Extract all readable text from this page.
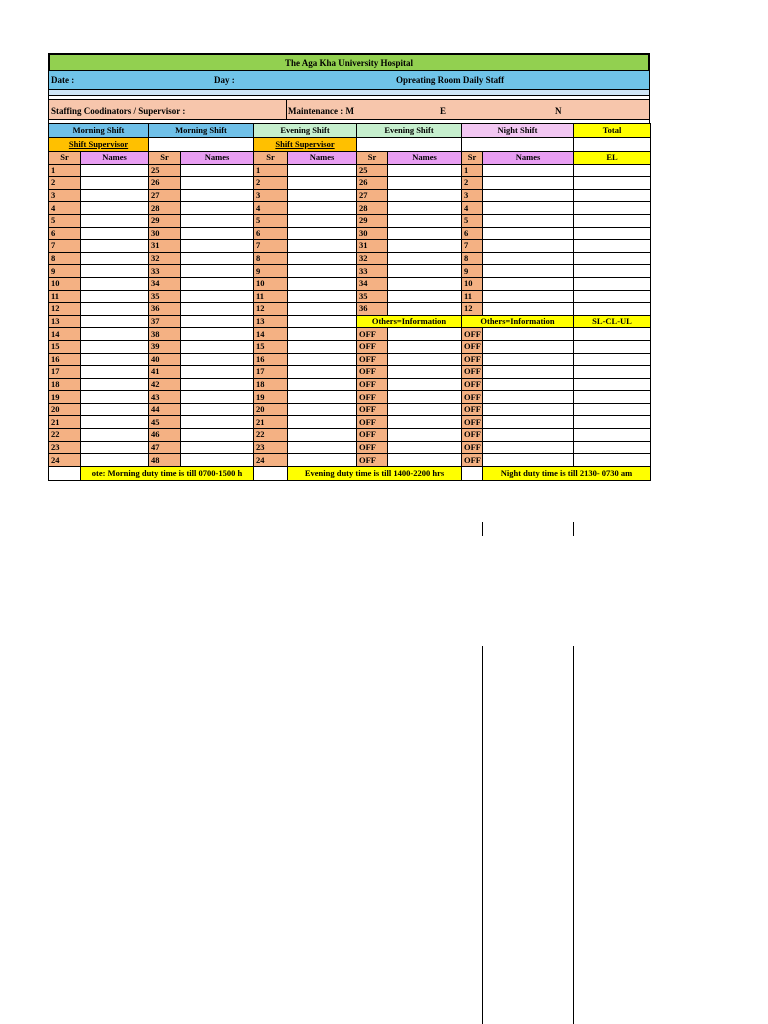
The Aga Kha University Hospital
Date :	Day :	Opreating Room Daily Staff
Staffing Coodinators / Supervisor :	Maintenance : M	E	N
Morning Shift		Morning Shift		Evening Shift		Evening Shift		Night Shift		Total
Shift Supervisor				Shift Supervisor						
Sr	Names	Sr	Names	Sr	Names	Sr	Names	Sr	Names	EL
1		25		1		25		1		
2		26		2		26		2		
3		27		3		27		3		
4		28		4		28		4		
5		29		5		29		5		
6		30		6		30		6		
7		31		7		31		7		
8		32		8		32		8		
9		33		9		33		9		
10		34		10		34		10		
11		35		11		35		11		
12		36		12		36		12		
13		37		13		Others=Information		Others=Information		SL-CL-UL
14		38		14		OFF		OFF		
15		39		15		OFF		OFF		
16		40		16		OFF		OFF		
17		41		17		OFF		OFF		
18		42		18		OFF		OFF		
19		43		19		OFF		OFF		
20		44		20		OFF		OFF		
21		45		21		OFF		OFF		
22		46		22		OFF		OFF		
23		47		23		OFF		OFF		
24		48		24		OFF		OFF		
	ote: Morning duty time is till 0700-1500 h				Evening duty time is till 1400-2200 hrs				Night duty time is till 2130- 0730 am	
